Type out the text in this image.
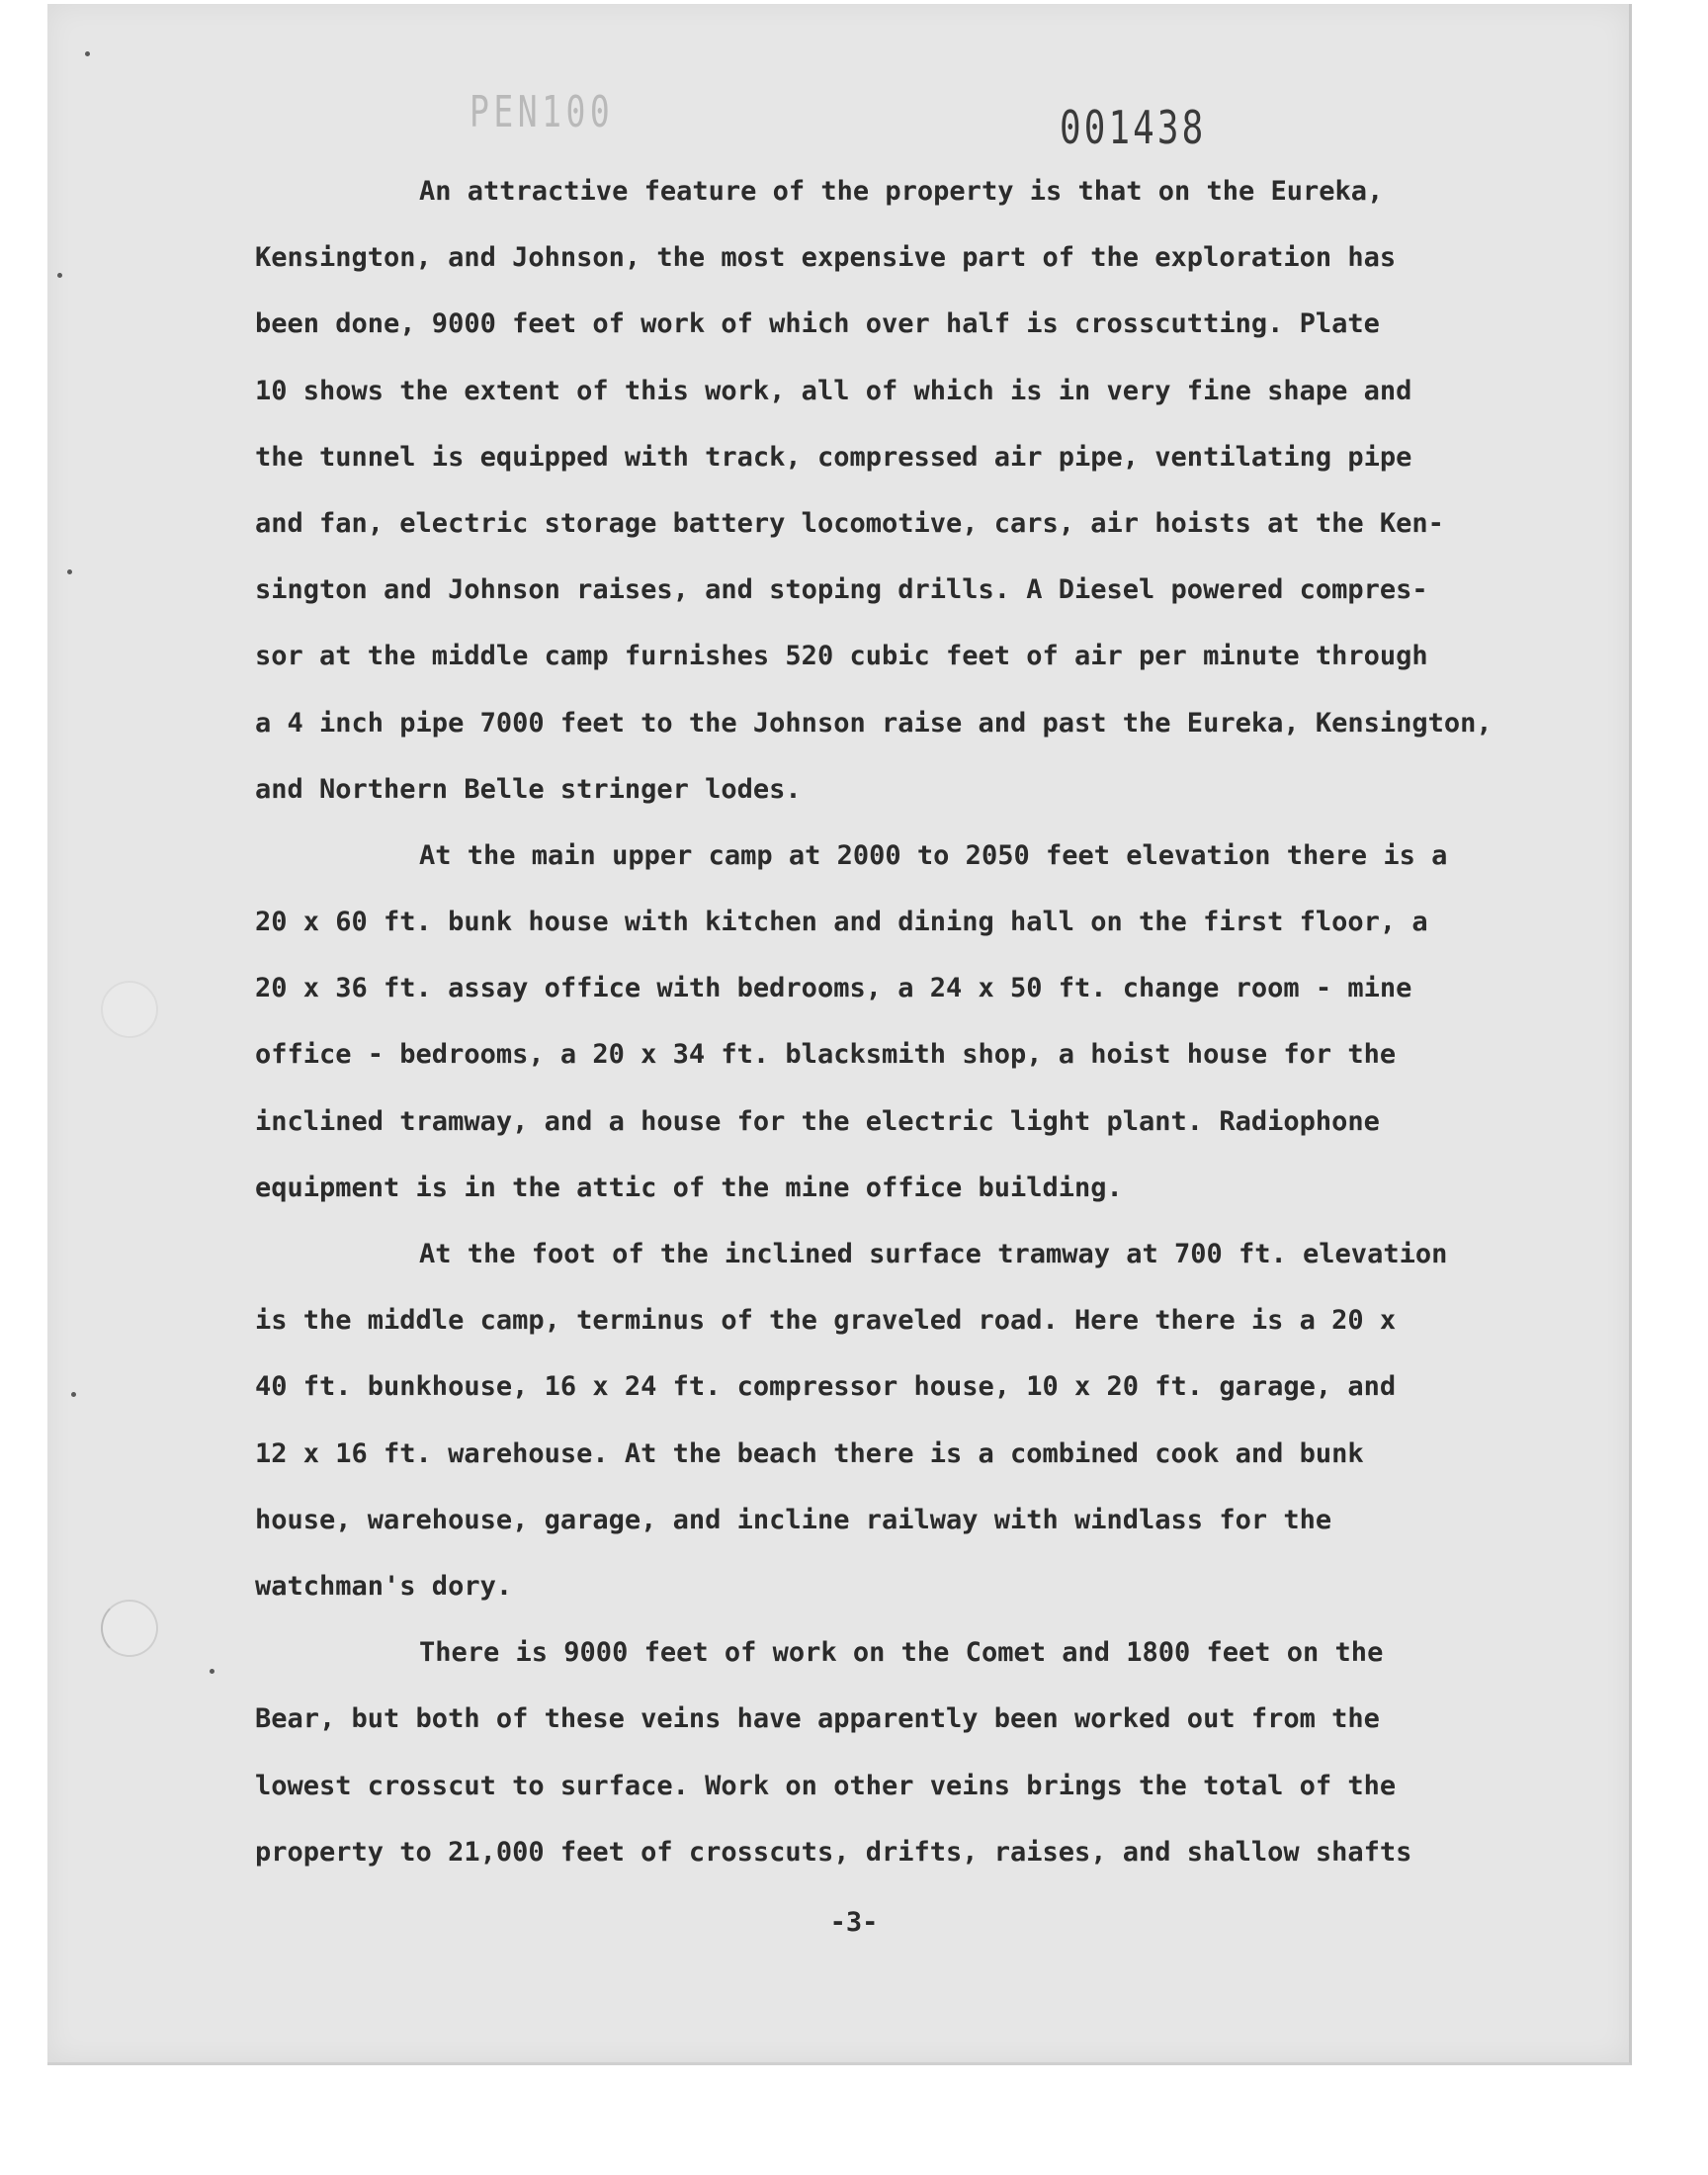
PEN100	001438
An attractive feature of the property is that on the Eureka,
Kensington, and Johnson, the most expensive part of the exploration has
been done, 9000 feet of work of which over half is crosscutting. Plate
10 shows the extent of this work, all of which is in very fine shape and
the tunnel is equipped with track, compressed air pipe, ventilating pipe
and fan, electric storage battery locomotive, cars, air hoists at the Ken-
sington and Johnson raises, and stoping drills. A Diesel powered compres-
sor at the middle camp furnishes 520 cubic feet of air per minute through
a 4 inch pipe 7000 feet to the Johnson raise and past the Eureka, Kensington,
and Northern Belle stringer lodes.
At the main upper camp at 2000 to 2050 feet elevation there is a
20 x 60 ft. bunk house with kitchen and dining hall on the first floor, a
20 x 36 ft. assay office with bedrooms, a 24 x 50 ft. change room - mine
office - bedrooms, a 20 x 34 ft. blacksmith shop, a hoist house for the
inclined tramway, and a house for the electric light plant. Radiophone
equipment is in the attic of the mine office building.
At the foot of the inclined surface tramway at 700 ft. elevation
is the middle camp, terminus of the graveled road. Here there is a 20 x
40 ft. bunkhouse, 16 x 24 ft. compressor house, 10 x 20 ft. garage, and
12 x 16 ft. warehouse. At the beach there is a combined cook and bunk
house, warehouse, garage, and incline railway with windlass for the
watchman's dory.
There is 9000 feet of work on the Comet and 1800 feet on the
Bear, but both of these veins have apparently been worked out from the
lowest crosscut to surface. Work on other veins brings the total of the
property to 21,000 feet of crosscuts, drifts, raises, and shallow shafts
-3-
